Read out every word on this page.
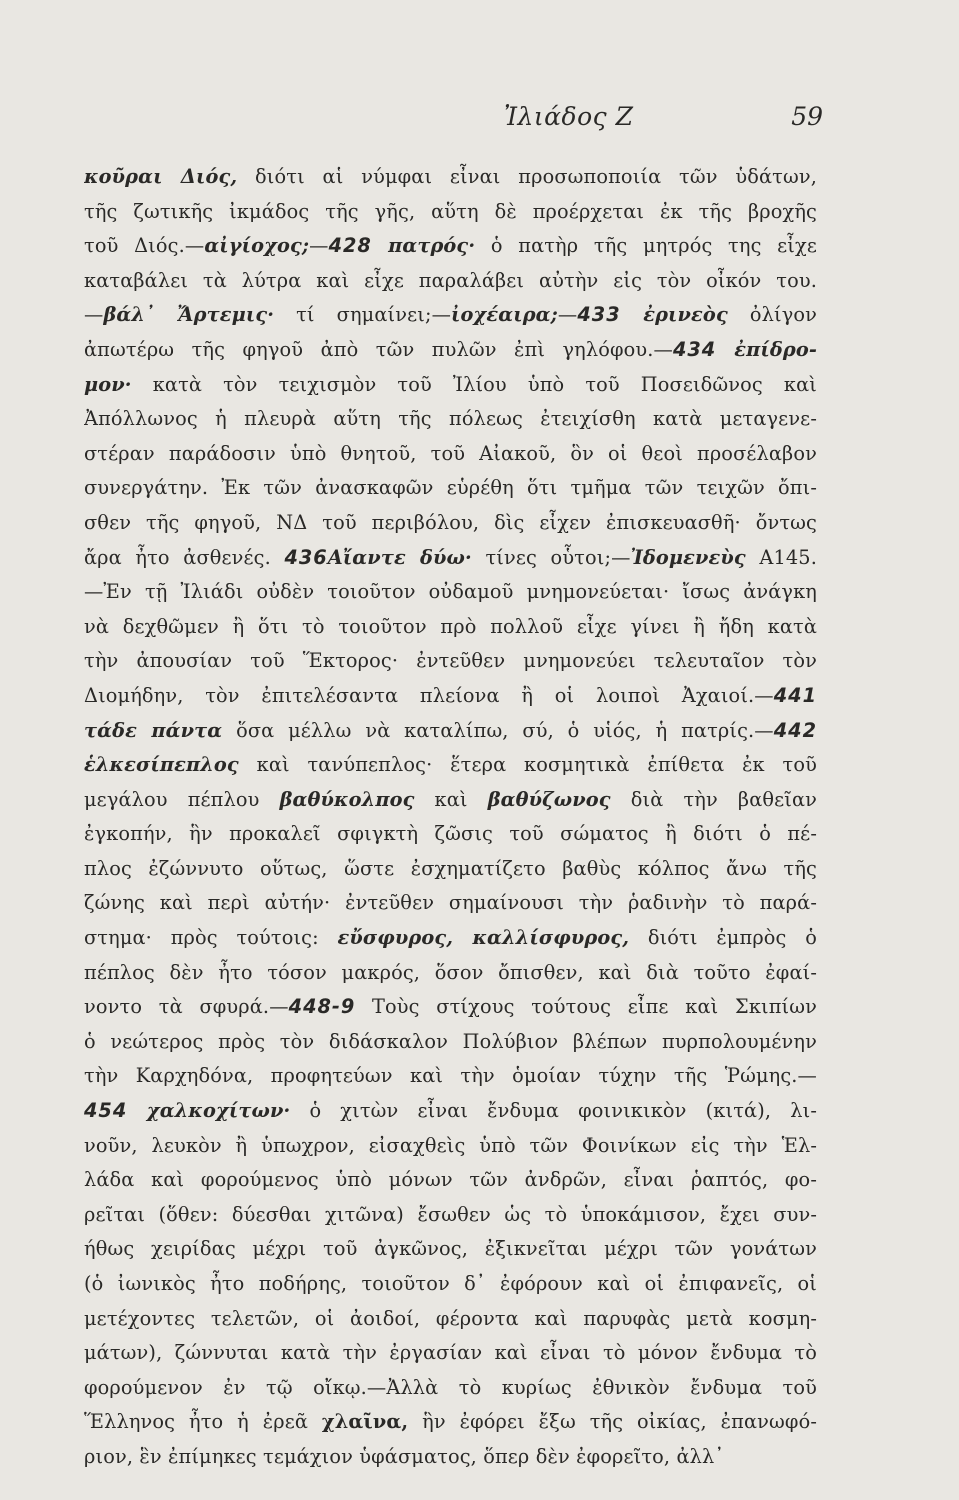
Ἰλιάδος Ζ	59
κοῦραι Διός, διότι αἱ νύμφαι εἶναι προσωποποιία τῶν ὑδάτων,
τῆς ζωτικῆς ἰκμάδος τῆς γῆς, αὕτη δὲ προέρχεται ἐκ τῆς βροχῆς
τοῦ Διός.—αἰγίοχος;—428 πατρός· ὁ πατὴρ τῆς μητρός της εἶχε
καταβάλει τὰ λύτρα καὶ εἶχε παραλάβει αὐτὴν εἰς τὸν οἶκόν του.
—βάλ᾽ Ἄρτεμις· τί σημαίνει;—ἰοχέαιρα;—433 ἐρινεὸς ὀλίγον
ἀπωτέρω τῆς φηγοῦ ἀπὸ τῶν πυλῶν ἐπὶ γηλόφου.—434 ἐπίδρο-
μον· κατὰ τὸν τειχισμὸν τοῦ Ἰλίου ὑπὸ τοῦ Ποσειδῶνος καὶ
Ἀπόλλωνος ἡ πλευρὰ αὕτη τῆς πόλεως ἐτειχίσθη κατὰ μεταγενε-
στέραν παράδοσιν ὑπὸ θνητοῦ, τοῦ Αἰακοῦ, ὃν οἱ θεοὶ προσέλαβον
συνεργάτην. Ἐκ τῶν ἀνασκαφῶν εὑρέθη ὅτι τμῆμα τῶν τειχῶν ὄπι-
σθεν τῆς φηγοῦ, ΝΔ τοῦ περιβόλου, δὶς εἶχεν ἐπισκευασθῆ· ὄντως
ἄρα ἦτο ἀσθενές. 436Αἴαντε δύω· τίνες οὗτοι;—Ἰδομενεὺς Α145.
—Ἐν τῇ Ἰλιάδι οὐδὲν τοιοῦτον οὐδαμοῦ μνημονεύεται· ἴσως ἀνάγκη
νὰ δεχθῶμεν ἢ ὅτι τὸ τοιοῦτον πρὸ πολλοῦ εἶχε γίνει ἢ ἤδη κατὰ
τὴν ἀπουσίαν τοῦ Ἕκτορος· ἐντεῦθεν μνημονεύει τελευταῖον τὸν
Διομήδην, τὸν ἐπιτελέσαντα πλείονα ἢ οἱ λοιποὶ Ἀχαιοί.—441
τάδε πάντα ὅσα μέλλω νὰ καταλίπω, σύ, ὁ υἱός, ἡ πατρίς.—442
ἑλκεσίπεπλος καὶ τανύπεπλος· ἕτερα κοσμητικὰ ἐπίθετα ἐκ τοῦ
μεγάλου πέπλου βαθύκολπος καὶ βαθύζωνος διὰ τὴν βαθεῖαν
ἐγκοπήν, ἣν προκαλεῖ σφιγκτὴ ζῶσις τοῦ σώματος ἢ διότι ὁ πέ-
πλος ἐζώννυτο οὕτως, ὥστε ἐσχηματίζετο βαθὺς κόλπος ἄνω τῆς
ζώνης καὶ περὶ αὐτήν· ἐντεῦθεν σημαίνουσι τὴν ῥαδινὴν τὸ παρά-
στημα· πρὸς τούτοις: εὔσφυρος, καλλίσφυρος, διότι ἐμπρὸς ὁ
πέπλος δὲν ἦτο τόσον μακρός, ὅσον ὄπισθεν, καὶ διὰ τοῦτο ἐφαί-
νοντο τὰ σφυρά.—448-9 Τοὺς στίχους τούτους εἶπε καὶ Σκιπίων
ὁ νεώτερος πρὸς τὸν διδάσκαλον Πολύβιον βλέπων πυρπολουμένην
τὴν Καρχηδόνα, προφητεύων καὶ τὴν ὁμοίαν τύχην τῆς Ῥώμης.—
454 χαλκοχίτων· ὁ χιτὼν εἶναι ἔνδυμα φοινικικὸν (κιτά), λι-
νοῦν, λευκὸν ἢ ὑπωχρον, εἰσαχθεὶς ὑπὸ τῶν Φοινίκων εἰς τὴν Ἑλ-
λάδα καὶ φορούμενος ὑπὸ μόνων τῶν ἀνδρῶν, εἶναι ῥαπτός, φο-
ρεῖται (ὅθεν: δύεσθαι χιτῶνα) ἔσωθεν ὡς τὸ ὑποκάμισον, ἔχει συν-
ήθως χειρίδας μέχρι τοῦ ἀγκῶνος, ἐξικνεῖται μέχρι τῶν γονάτων
(ὁ ἰωνικὸς ἦτο ποδήρης, τοιοῦτον δ᾽ ἐφόρουν καὶ οἱ ἐπιφανεῖς, οἱ
μετέχοντες τελετῶν, οἱ ἀοιδοί, φέροντα καὶ παρυφὰς μετὰ κοσμη-
μάτων), ζώννυται κατὰ τὴν ἐργασίαν καὶ εἶναι τὸ μόνον ἔνδυμα τὸ
φορούμενον ἐν τῷ οἴκῳ.—Ἀλλὰ τὸ κυρίως ἐθνικὸν ἔνδυμα τοῦ
Ἕλληνος ἦτο ἡ ἐρεᾶ χλαῖνα, ἣν ἐφόρει ἔξω τῆς οἰκίας, ἐπανωφό-
ριον, ἓν ἐπίμηκες τεμάχιον ὑφάσματος, ὅπερ δὲν ἐφορεῖτο, ἀλλ᾽
